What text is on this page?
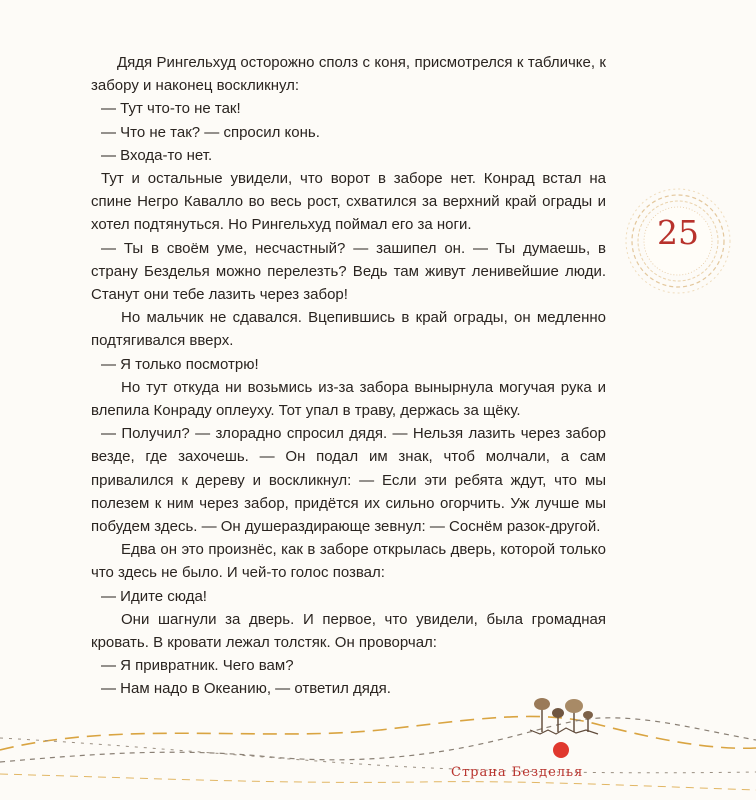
Дядя Рингельхуд осторожно сполз с коня, присмотрелся к табличке, к забору и наконец воскликнул:

— Тут что-то не так!

— Что не так? — спросил конь.

— Входа-то нет.

Тут и остальные увидели, что ворот в заборе нет. Конрад встал на спине Негро Кавалло во весь рост, схватился за верхний край ограды и хотел подтянуться. Но Рингельхуд поймал его за ноги.

— Ты в своём уме, несчастный? — зашипел он. — Ты думаешь, в страну Безделья можно перелезть? Ведь там живут ленивейшие люди. Станут они тебе лазить через забор!

Но мальчик не сдавался. Вцепившись в край ограды, он медленно подтягивался вверх.

— Я только посмотрю!

Но тут откуда ни возьмись из-за забора вынырнула могучая рука и влепила Конраду оплеуху. Тот упал в траву, держась за щёку.

— Получил? — злорадно спросил дядя. — Нельзя лазить через забор везде, где захочешь. — Он подал им знак, чтоб молчали, а сам привалился к дереву и воскликнул: — Если эти ребята ждут, что мы полезем к ним через забор, придётся их сильно огорчить. Уж лучше мы побудем здесь. — Он душераздирающе зевнул: — Соснём разок-другой.

Едва он это произнёс, как в заборе открылась дверь, которой только что здесь не было. И чей-то голос позвал:

— Идите сюда!

Они шагнули за дверь. И первое, что увидели, была громадная кровать. В кровати лежал толстяк. Он проворчал:

— Я привратник. Чего вам?

— Нам надо в Океанию, — ответил дядя.

25
Страна Безделья
